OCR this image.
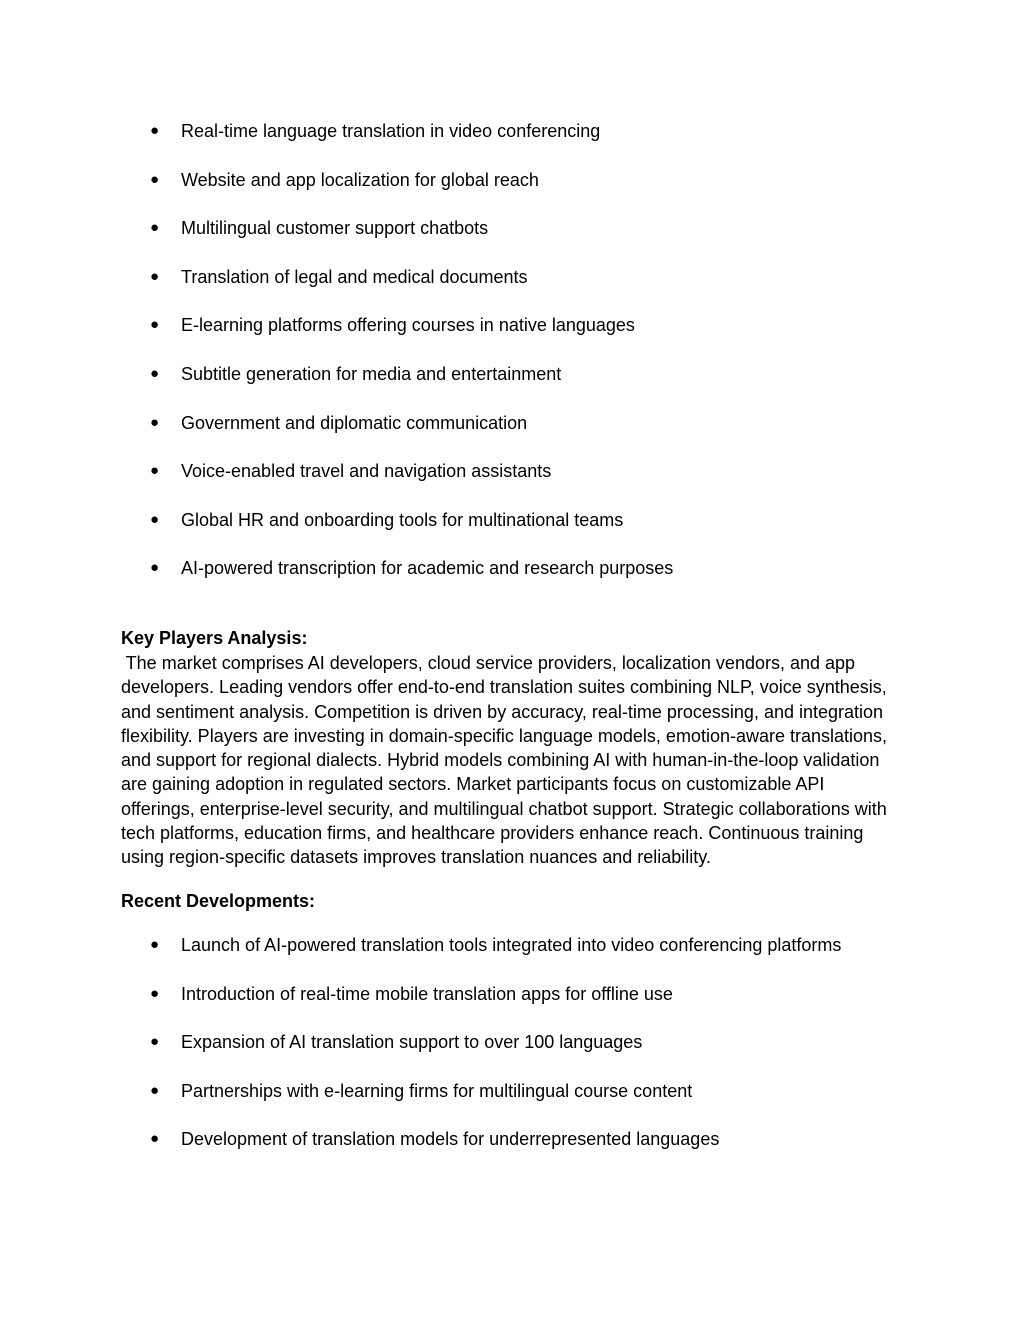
●	Real-time language translation in video conferencing
●	Website and app localization for global reach
●	Multilingual customer support chatbots
●	Translation of legal and medical documents
●	E-learning platforms offering courses in native languages
●	Subtitle generation for media and entertainment
●	Government and diplomatic communication
●	Voice-enabled travel and navigation assistants
●	Global HR and onboarding tools for multinational teams
●	AI-powered transcription for academic and research purposes
Key Players Analysis:

The market comprises AI developers, cloud service providers, localization vendors, and app
developers. Leading vendors offer end-to-end translation suites combining NLP, voice synthesis,
and sentiment analysis. Competition is driven by accuracy, real-time processing, and integration
flexibility. Players are investing in domain-specific language models, emotion-aware translations,
and support for regional dialects. Hybrid models combining AI with human-in-the-loop validation
are gaining adoption in regulated sectors. Market participants focus on customizable API
offerings, enterprise-level security, and multilingual chatbot support. Strategic collaborations with
tech platforms, education firms, and healthcare providers enhance reach. Continuous training
using region-specific datasets improves translation nuances and reliability.

Recent Developments:
●	Launch of AI-powered translation tools integrated into video conferencing platforms
●	Introduction of real-time mobile translation apps for offline use
●	Expansion of AI translation support to over 100 languages
●	Partnerships with e-learning firms for multilingual course content
●	Development of translation models for underrepresented languages
